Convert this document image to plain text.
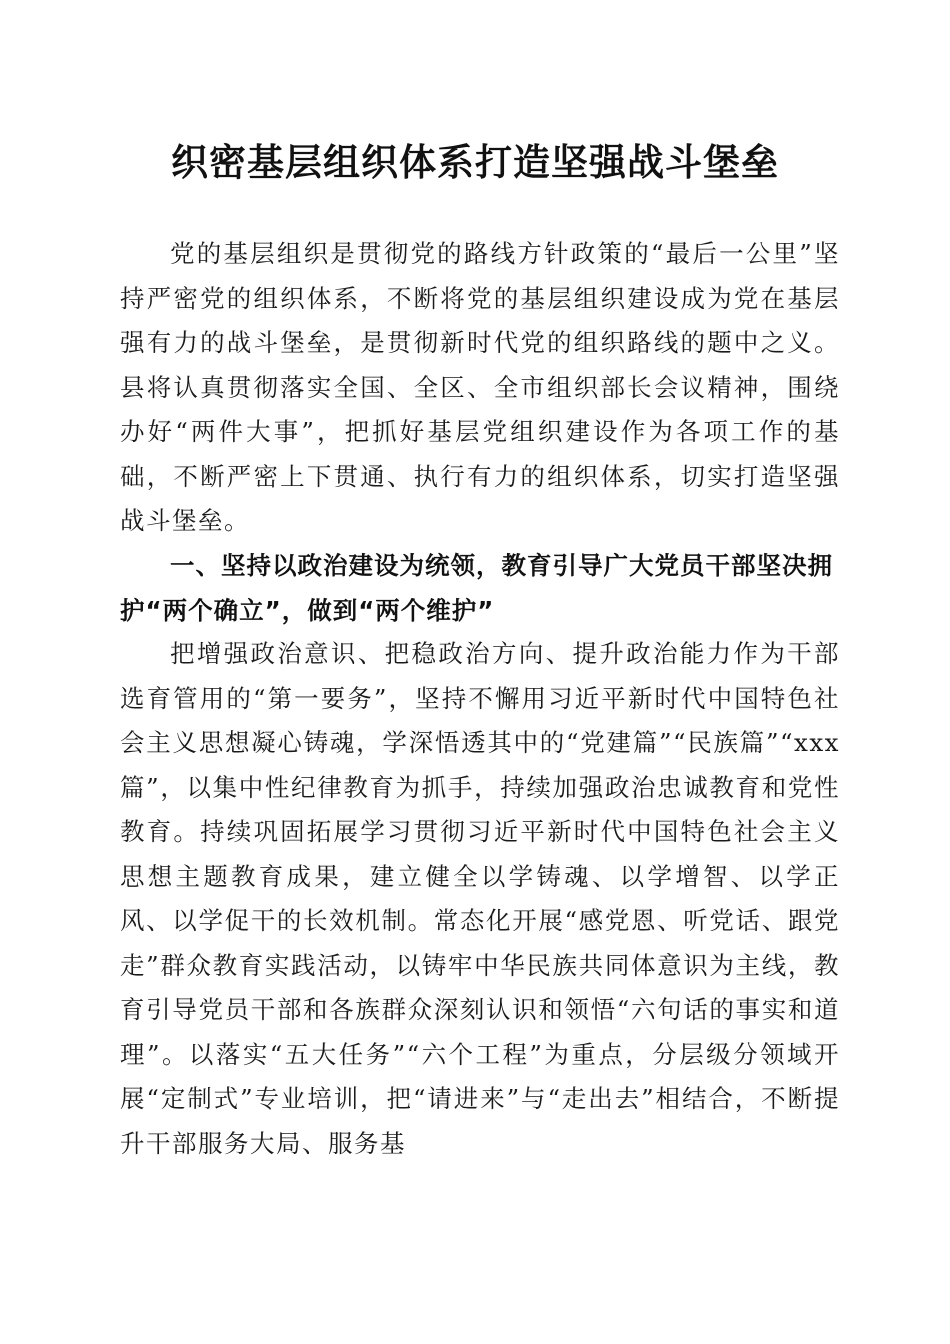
织密基层组织体系打造坚强战斗堡垒

党的基层组织是贯彻党的路线方针政策的“最后一公里”坚持严密党的组织体系，不断将党的基层组织建设成为党在基层强有力的战斗堡垒，是贯彻新时代党的组织路线的题中之义。县将认真贯彻落实全国、全区、全市组织部长会议精神，围绕办好“两件大事”，把抓好基层党组织建设作为各项工作的基础，不断严密上下贯通、执行有力的组织体系，切实打造坚强战斗堡垒。

一、坚持以政治建设为统领，教育引导广大党员干部坚决拥护“两个确立”，做到“两个维护”

把增强政治意识、把稳政治方向、提升政治能力作为干部选育管用的“第一要务”，坚持不懈用习近平新时代中国特色社会主义思想凝心铸魂，学深悟透其中的“党建篇”“民族篇”“xxx篇”，以集中性纪律教育为抓手，持续加强政治忠诚教育和党性教育。持续巩固拓展学习贯彻习近平新时代中国特色社会主义思想主题教育成果，建立健全以学铸魂、以学增智、以学正风、以学促干的长效机制。常态化开展“感党恩、听党话、跟党走”群众教育实践活动，以铸牢中华民族共同体意识为主线，教育引导党员干部和各族群众深刻认识和领悟“六句话的事实和道理”。以落实“五大任务”“六个工程”为重点，分层级分领域开展“定制式”专业培训，把“请进来”与“走出去”相结合，不断提升干部服务大局、服务基
